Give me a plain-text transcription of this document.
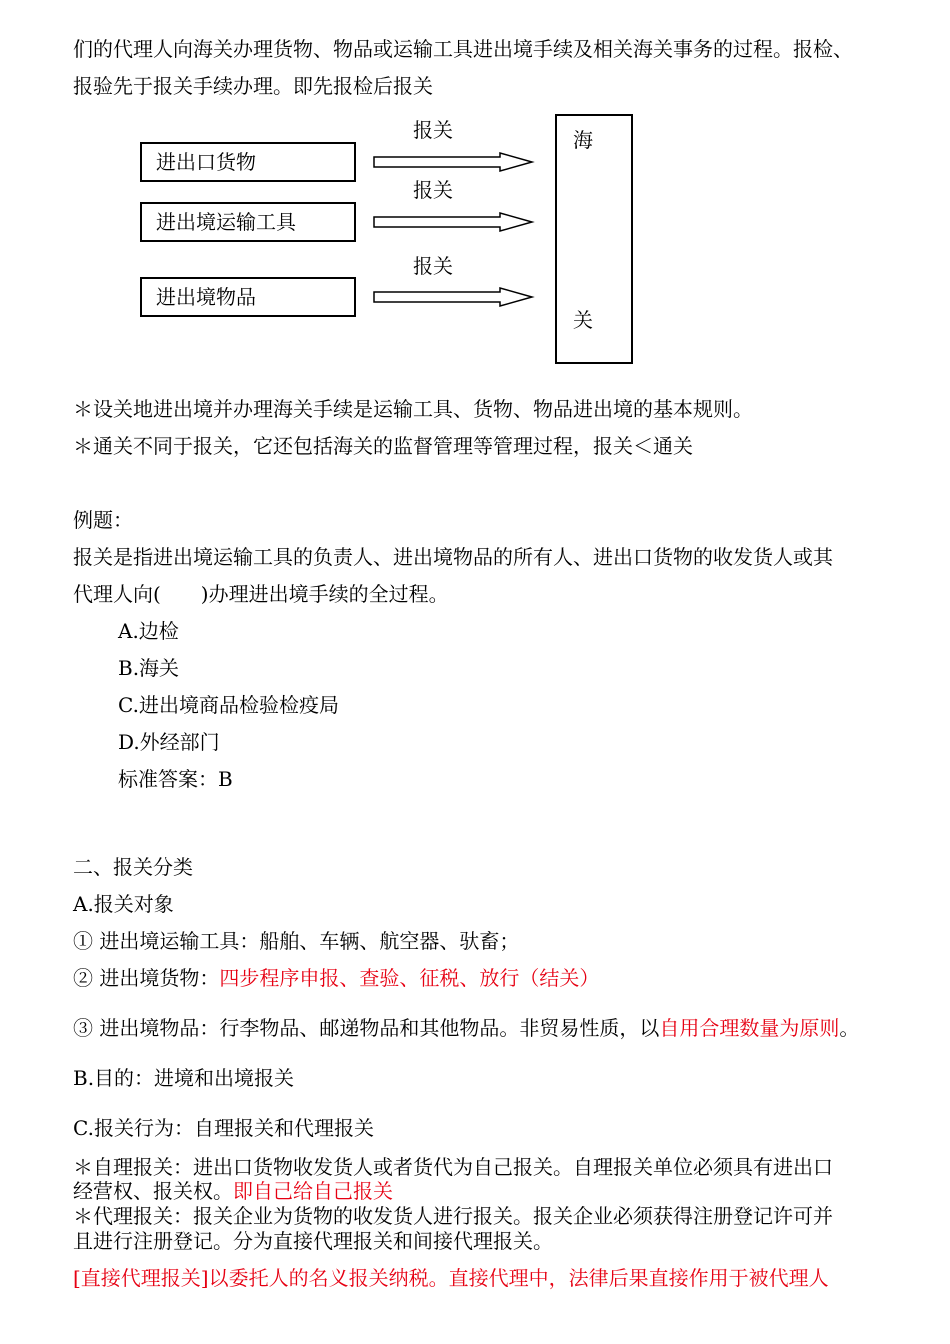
们的代理人向海关办理货物、物品或运输工具进出境手续及相关海关事务的过程。报检、
报验先于报关手续办理。即先报检后报关
进出口货物
进出境运输工具
进出境物品
报关
报关
报关
海
关
＊设关地进出境并办理海关手续是运输工具、货物、物品进出境的基本规则。
＊通关不同于报关，它还包括海关的监督管理等管理过程，报关＜通关
例题：
报关是指进出境运输工具的负责人、进出境物品的所有人、进出口货物的收发货人或其
代理人向(　　)办理进出境手续的全过程。
A.边检
B.海关
C.进出境商品检验检疫局
D.外经部门
标准答案：B
二、报关分类
A.报关对象
① 进出境运输工具：船舶、车辆、航空器、驮畜；
② 进出境货物：四步程序申报、查验、征税、放行（结关）
③ 进出境物品：行李物品、邮递物品和其他物品。非贸易性质，以自用合理数量为原则。
B.目的：进境和出境报关
C.报关行为：自理报关和代理报关
＊自理报关：进出口货物收发货人或者货代为自己报关。自理报关单位必须具有进出口
经营权、报关权。即自己给自己报关
＊代理报关：报关企业为货物的收发货人进行报关。报关企业必须获得注册登记许可并
且进行注册登记。分为直接代理报关和间接代理报关。
[直接代理报关]以委托人的名义报关纳税。直接代理中，法律后果直接作用于被代理人
